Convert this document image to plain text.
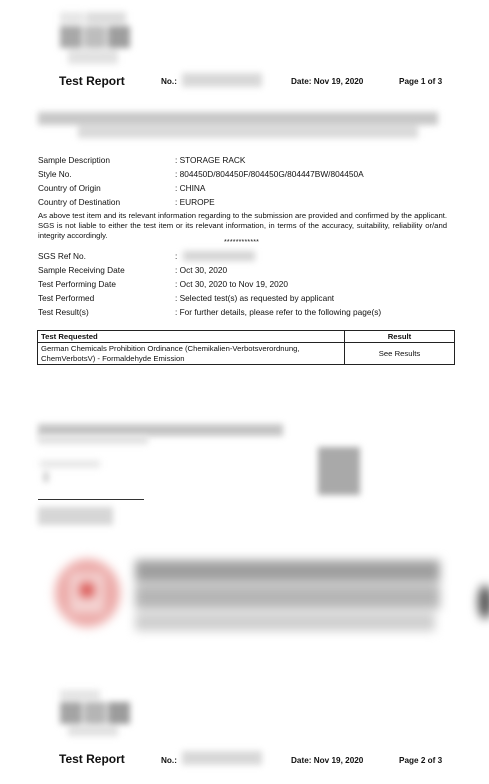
Test Report	No.:	Date: Nov 19, 2020	Page 1 of 3
Sample Description	: STORAGE RACK
Style No.	: 804450D/804450F/804450G/804447BW/804450A
Country of Origin	: CHINA
Country of Destination	: EUROPE
As above test item and its relevant information regarding to the submission are provided and confirmed by the applicant. SGS is not liable to either the test item or its relevant information, in terms of the accuracy, suitability, reliability or/and integrity accordingly.
************
SGS Ref No.	:
Sample Receiving Date	: Oct 30, 2020
Test Performing Date	: Oct 30, 2020 to Nov 19, 2020
Test Performed	: Selected test(s) as requested by applicant
Test Result(s)	: For further details, please refer to the following page(s)
Test Requested	Result
German Chemicals Prohibition Ordinance (Chemikalien-Verbotsverordnung, ChemVerbotsV) - Formaldehyde Emission	See Results
Test Report	No.:	Date: Nov 19, 2020	Page 2 of 3
